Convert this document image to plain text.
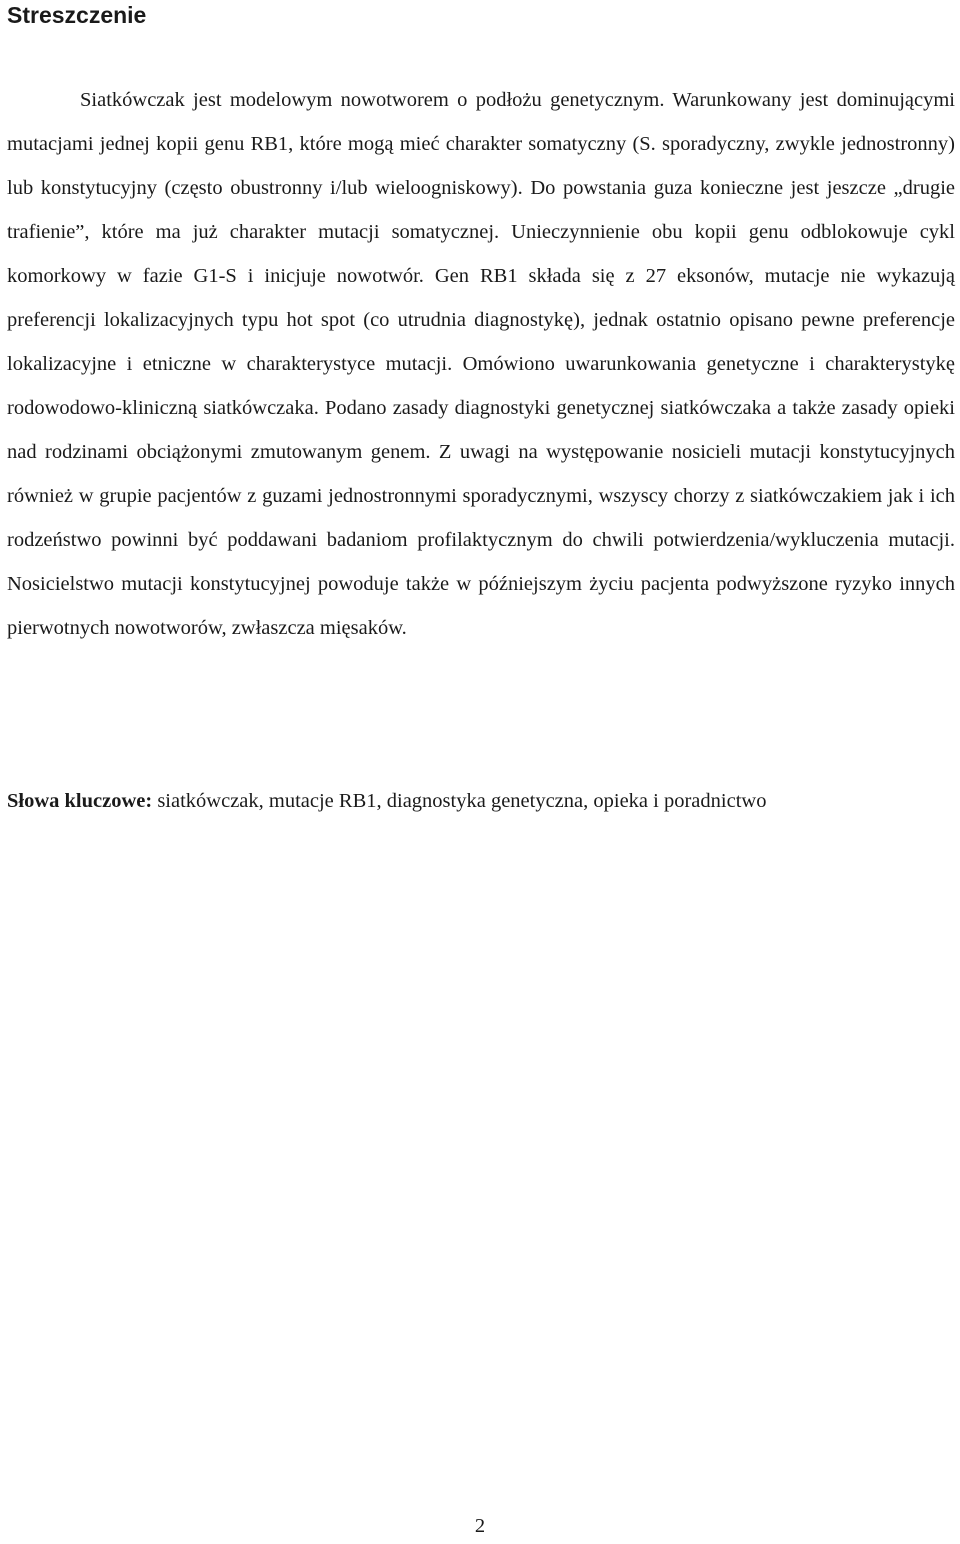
Streszczenie

Siatkówczak jest modelowym nowotworem o podłożu genetycznym. Warunkowany jest dominującymi mutacjami jednej kopii genu RB1, które mogą mieć charakter somatyczny (S. sporadyczny, zwykle jednostronny) lub konstytucyjny (często obustronny i/lub wieloogniskowy). Do powstania guza konieczne jest jeszcze „drugie trafienie”, które ma już charakter mutacji somatycznej. Unieczynnienie obu kopii genu odblokowuje cykl komorkowy w fazie G1-S i inicjuje nowotwór. Gen RB1 składa się z 27 eksonów, mutacje nie wykazują preferencji lokalizacyjnych typu hot spot (co utrudnia diagnostykę), jednak ostatnio opisano pewne preferencje lokalizacyjne i etniczne w charakterystyce mutacji. Omówiono uwarunkowania genetyczne i charakterystykę rodowodowo-kliniczną siatkówczaka. Podano zasady diagnostyki genetycznej siatkówczaka a także zasady opieki nad rodzinami obciążonymi zmutowanym genem. Z uwagi na występowanie nosicieli mutacji konstytucyjnych również w grupie pacjentów z guzami jednostronnymi sporadycznymi, wszyscy chorzy z siatkówczakiem jak i ich rodzeństwo powinni być poddawani badaniom profilaktycznym do chwili potwierdzenia/wykluczenia mutacji. Nosicielstwo mutacji konstytucyjnej powoduje także w późniejszym życiu pacjenta podwyższone ryzyko innych pierwotnych nowotworów, zwłaszcza mięsaków.

Słowa kluczowe: siatkówczak, mutacje RB1, diagnostyka genetyczna, opieka i poradnictwo

2
